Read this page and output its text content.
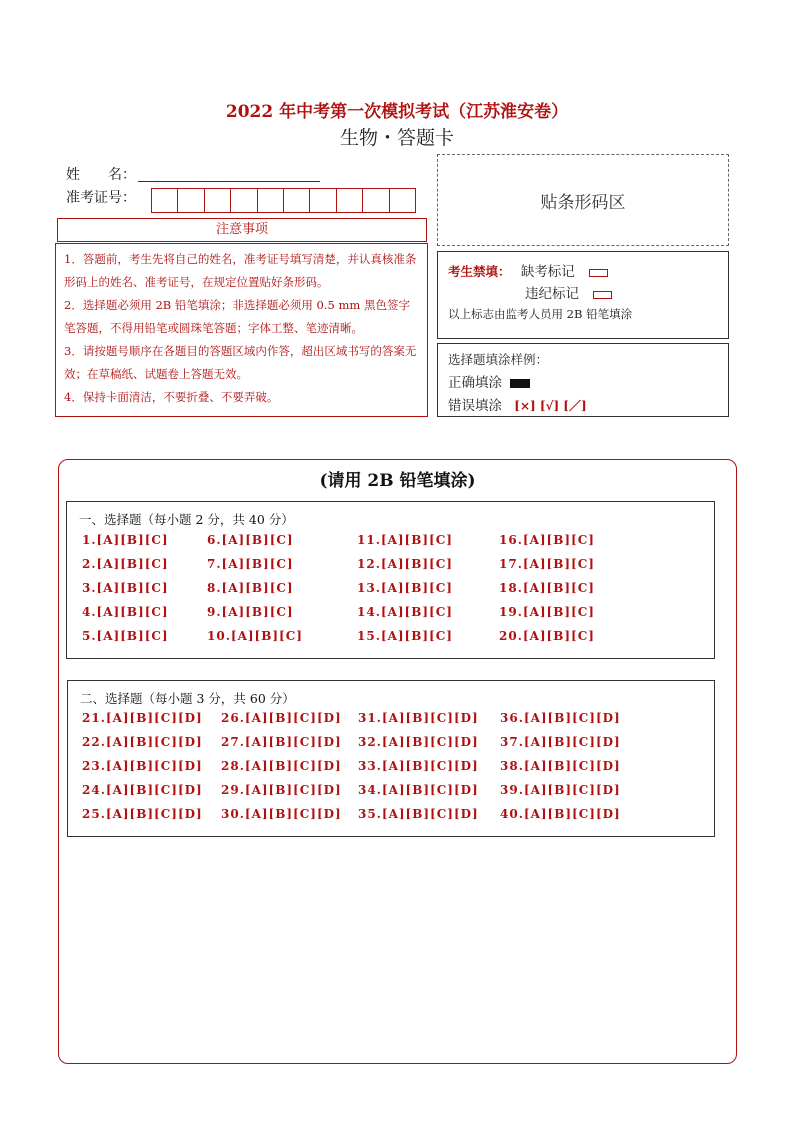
2022 年中考第一次模拟考试（江苏淮安卷）
生物・答题卡
姓　　名：
准考证号：	贴条形码区
注意事项
1．答题前，考生先将自己的姓名，准考证号填写清楚，并认真核准条形码上的姓名、准考证号，在规定位置贴好条形码。
2．选择题必须用 2B 铅笔填涂；非选择题必须用 0.5 mm 黑色签字笔答题，不得用铅笔或圆珠笔答题；字体工整、笔迹清晰。
3．请按题号顺序在各题目的答题区域内作答，超出区域书写的答案无效；在草稿纸、试题卷上答题无效。
4．保持卡面清洁，不要折叠、不要弄破。
考生禁填： 缺考标记
违纪标记
以上标志由监考人员用 2B 铅笔填涂
选择题填涂样例：
正确填涂
错误填涂 [×] [√] [／]
(请用 2B 铅笔填涂)
一、选择题（每小题 2 分，共 40 分）
1.[A][B][C]
2.[A][B][C]
3.[A][B][C]
4.[A][B][C]
5.[A][B][C]
6.[A][B][C]
7.[A][B][C]
8.[A][B][C]
9.[A][B][C]
10.[A][B][C]
11.[A][B][C]
12.[A][B][C]
13.[A][B][C]
14.[A][B][C]
15.[A][B][C]
16.[A][B][C]
17.[A][B][C]
18.[A][B][C]
19.[A][B][C]
20.[A][B][C]
二、选择题（每小题 3 分，共 60 分）
21.[A][B][C][D]
22.[A][B][C][D]
23.[A][B][C][D]
24.[A][B][C][D]
25.[A][B][C][D]
26.[A][B][C][D]
27.[A][B][C][D]
28.[A][B][C][D]
29.[A][B][C][D]
30.[A][B][C][D]
31.[A][B][C][D]
32.[A][B][C][D]
33.[A][B][C][D]
34.[A][B][C][D]
35.[A][B][C][D]
36.[A][B][C][D]
37.[A][B][C][D]
38.[A][B][C][D]
39.[A][B][C][D]
40.[A][B][C][D]
